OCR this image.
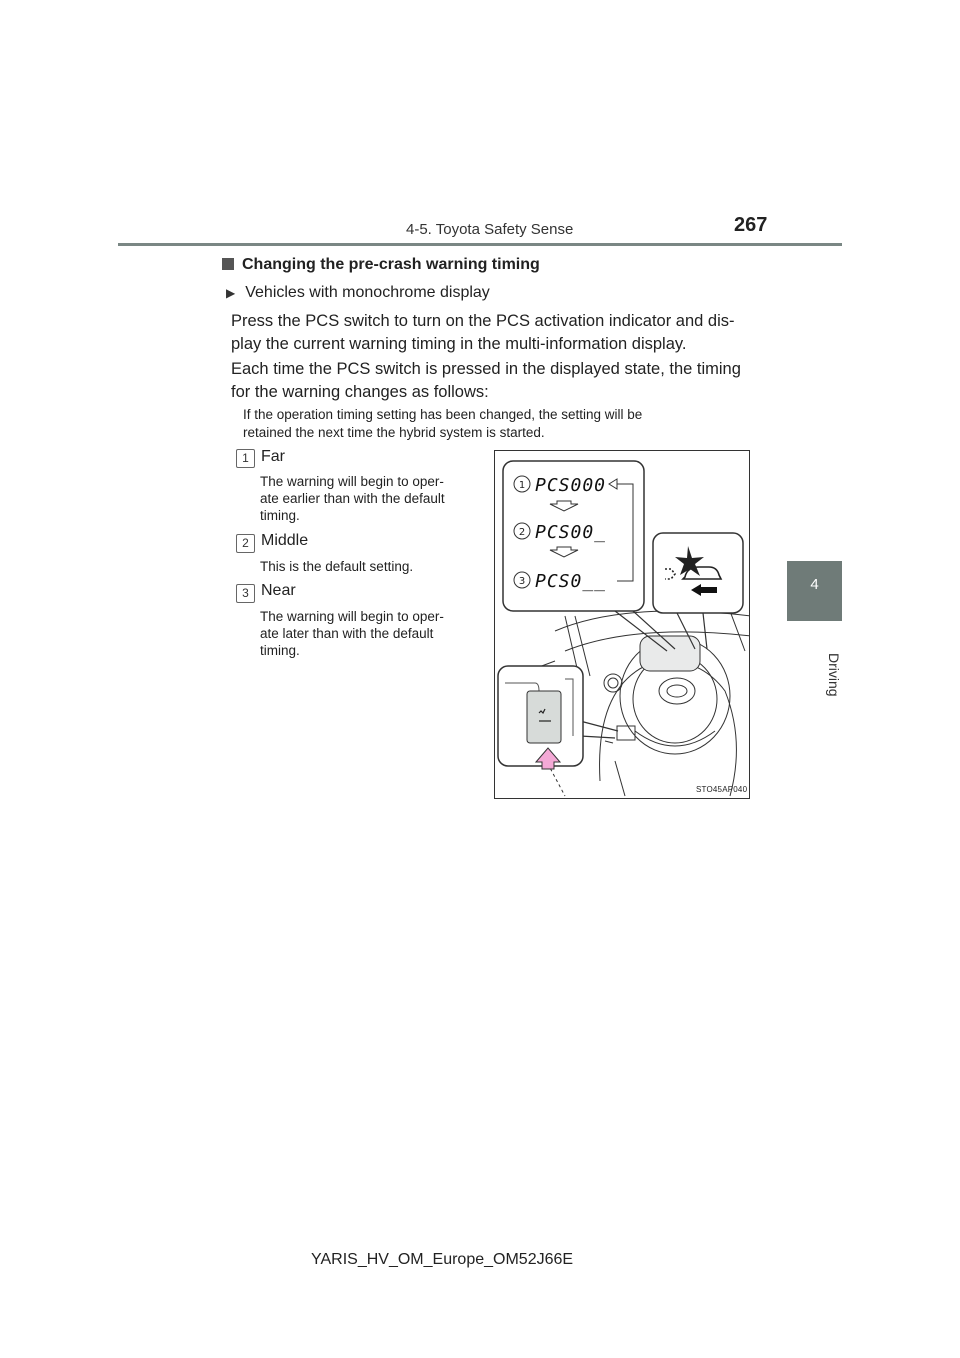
4-5. Toyota Safety Sense	267
4
Driving
Changing the pre-crash warning timing
▶ Vehicles with monochrome display
Press the PCS switch to turn on the PCS activation indicator and dis-
play the current warning timing in the multi-information display.
Each time the PCS switch is pressed in the displayed state, the timing
for the warning changes as follows:
If the operation timing setting has been changed, the setting will be
retained the next time the hybrid system is started.
1 Far
The warning will begin to oper-
ate earlier than with the default
timing.
2 Middle
This is the default setting.
3 Near
The warning will begin to oper-
ate later than with the default
timing.
1
2
3
PCS000
PCS00_
PCS0__
STO45AP040
YARIS_HV_OM_Europe_OM52J66E
